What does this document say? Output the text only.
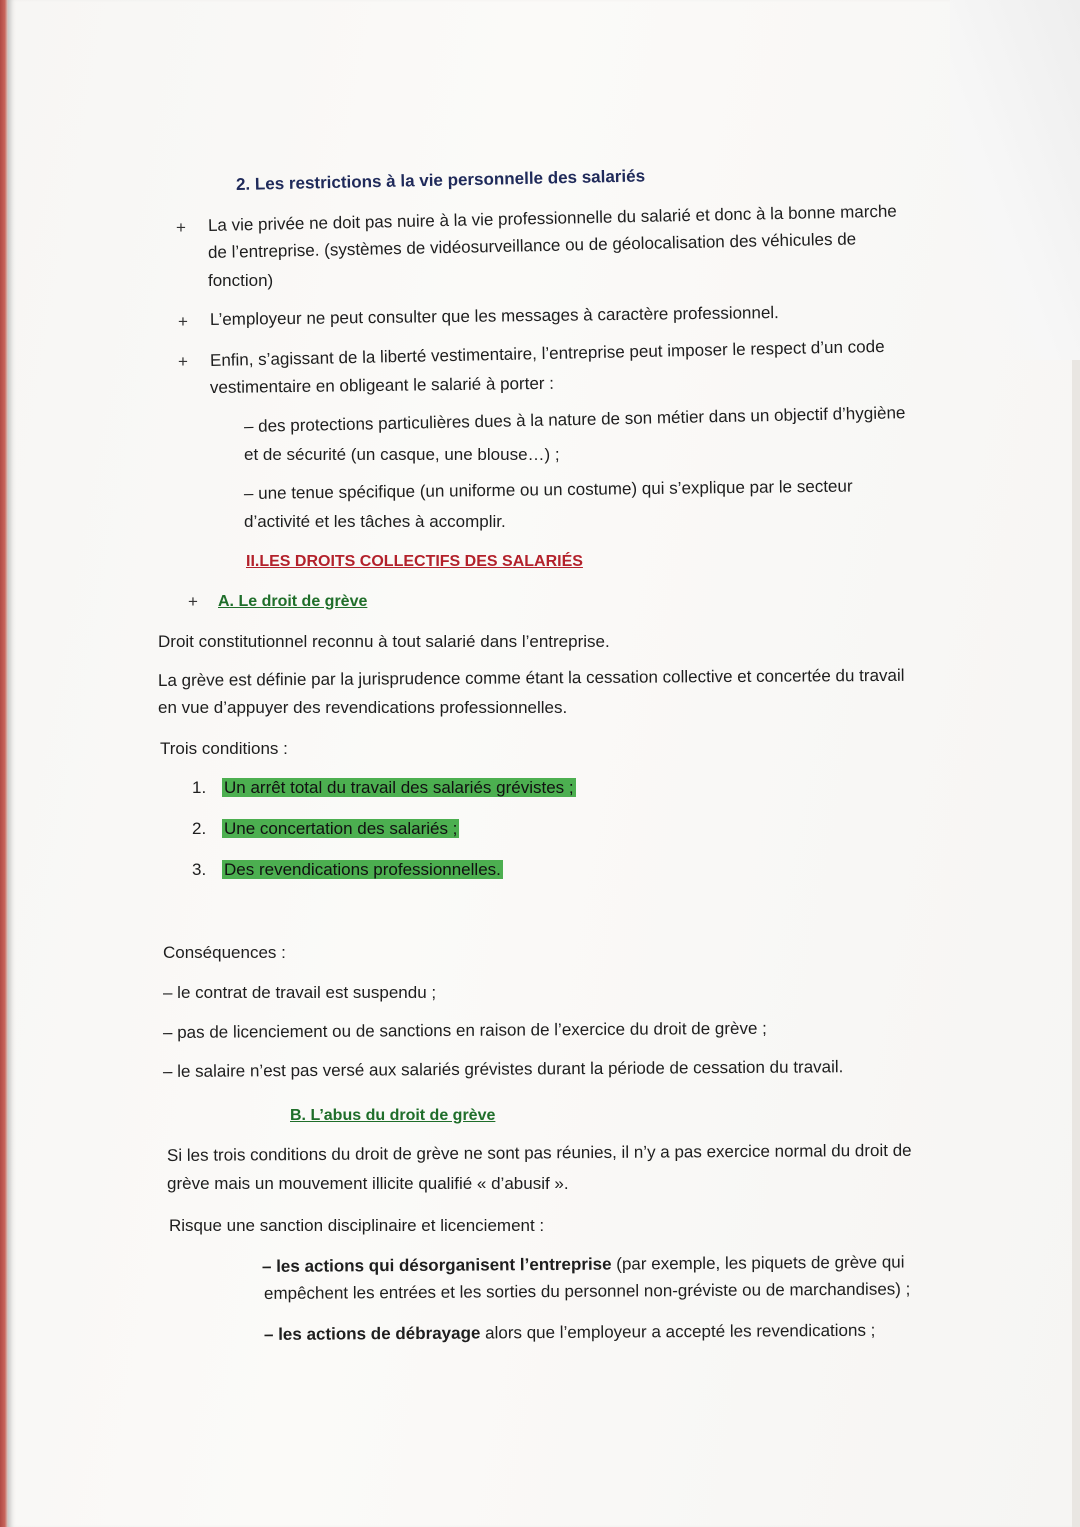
2. Les restrictions à la vie personnelle des salariés
+ La vie privée ne doit pas nuire à la vie professionnelle du salarié et donc à la bonne marche
de l’entreprise. (systèmes de vidéosurveillance ou de géolocalisation des véhicules de
fonction)
+ L’employeur ne peut consulter que les messages à caractère professionnel.
+ Enfin, s’agissant de la liberté vestimentaire, l’entreprise peut imposer le respect d’un code
vestimentaire en obligeant le salarié à porter :
– des protections particulières dues à la nature de son métier dans un objectif d’hygiène
et de sécurité (un casque, une blouse…) ;
– une tenue spécifique (un uniforme ou un costume) qui s’explique par le secteur
d’activité et les tâches à accomplir.
II.LES DROITS COLLECTIFS DES SALARIÉS
+ A. Le droit de grève
Droit constitutionnel reconnu à tout salarié dans l’entreprise.
La grève est définie par la jurisprudence comme étant la cessation collective et concertée du travail
en vue d’appuyer des revendications professionnelles.
Trois conditions :
1. Un arrêt total du travail des salariés grévistes ;
2. Une concertation des salariés ;
3. Des revendications professionnelles.
Conséquences :
– le contrat de travail est suspendu ;
– pas de licenciement ou de sanctions en raison de l’exercice du droit de grève ;
– le salaire n’est pas versé aux salariés grévistes durant la période de cessation du travail.
B. L’abus du droit de grève
Si les trois conditions du droit de grève ne sont pas réunies, il n’y a pas exercice normal du droit de
grève mais un mouvement illicite qualifié « d’abusif ».
Risque une sanction disciplinaire et licenciement :
– les actions qui désorganisent l’entreprise (par exemple, les piquets de grève qui
empêchent les entrées et les sorties du personnel non-gréviste ou de marchandises) ;
– les actions de débrayage alors que l’employeur a accepté les revendications ;
